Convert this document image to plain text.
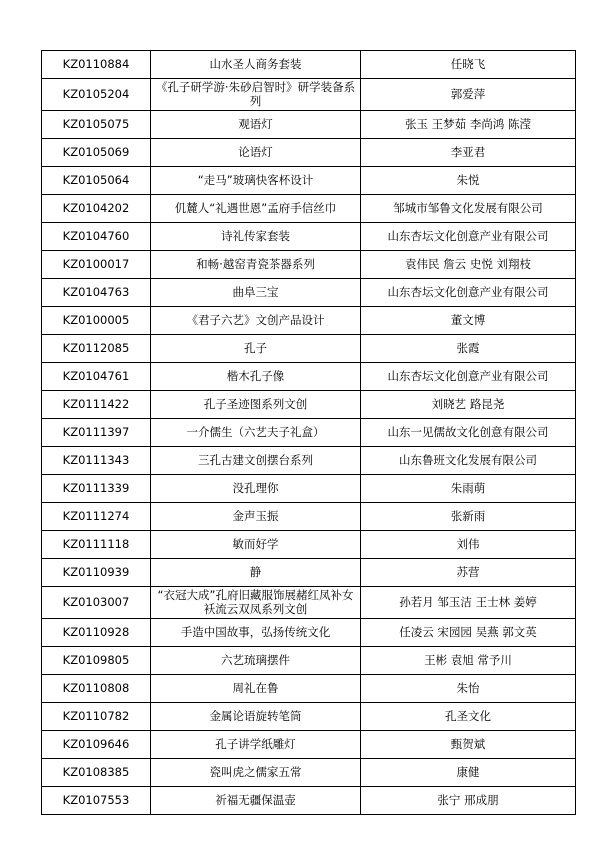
KZ0110884	山水圣人商务套装	任晓飞
KZ0105204	《孔子研学游·朱砂启智时》研学装备系列	郭爱萍
KZ0105075	观语灯	张玉 王梦茹 李尚鸿 陈滢
KZ0105069	论语灯	李亚君
KZ0105064	“走马”玻璃快客杯设计	朱悦
KZ0104202	仉麓人“礼遇世恩”孟府手信丝巾	邹城市邹鲁文化发展有限公司
KZ0104760	诗礼传家套装	山东杏坛文化创意产业有限公司
KZ0100017	和畅·越窑青瓷茶器系列	袁伟民 詹云 史悦 刘翔枝
KZ0104763	曲阜三宝	山东杏坛文化创意产业有限公司
KZ0100005	《君子六艺》文创产品设计	董文博
KZ0112085	孔子	张霞
KZ0104761	楷木孔子像	山东杏坛文化创意产业有限公司
KZ0111422	孔子圣迹图系列文创	刘晓艺 路昆尧
KZ0111397	一介儒生（六艺夫子礼盒）	山东一见儒故文化创意有限公司
KZ0111343	三孔古建文创摆台系列	山东鲁班文化发展有限公司
KZ0111339	没孔理你	朱雨萌
KZ0111274	金声玉振	张新雨
KZ0111118	敏而好学	刘伟
KZ0110939	静	苏营
KZ0103007	“衣冠大成”孔府旧藏服饰展赭红凤补女袄流云双凤系列文创	孙若月 邹玉洁 王士林 姜婷
KZ0110928	手造中国故事，弘扬传统文化	任凌云 宋园园 吴燕 郭文英
KZ0109805	六艺琉璃摆件	王彬 袁旭 常予川
KZ0110808	周礼在鲁	朱怡
KZ0110782	金属论语旋转笔筒	孔圣文化
KZ0109646	孔子讲学纸雕灯	甄贺斌
KZ0108385	瓷叫虎之儒家五常	康健
KZ0107553	祈福无疆保温壶	张宁 邢成朋
